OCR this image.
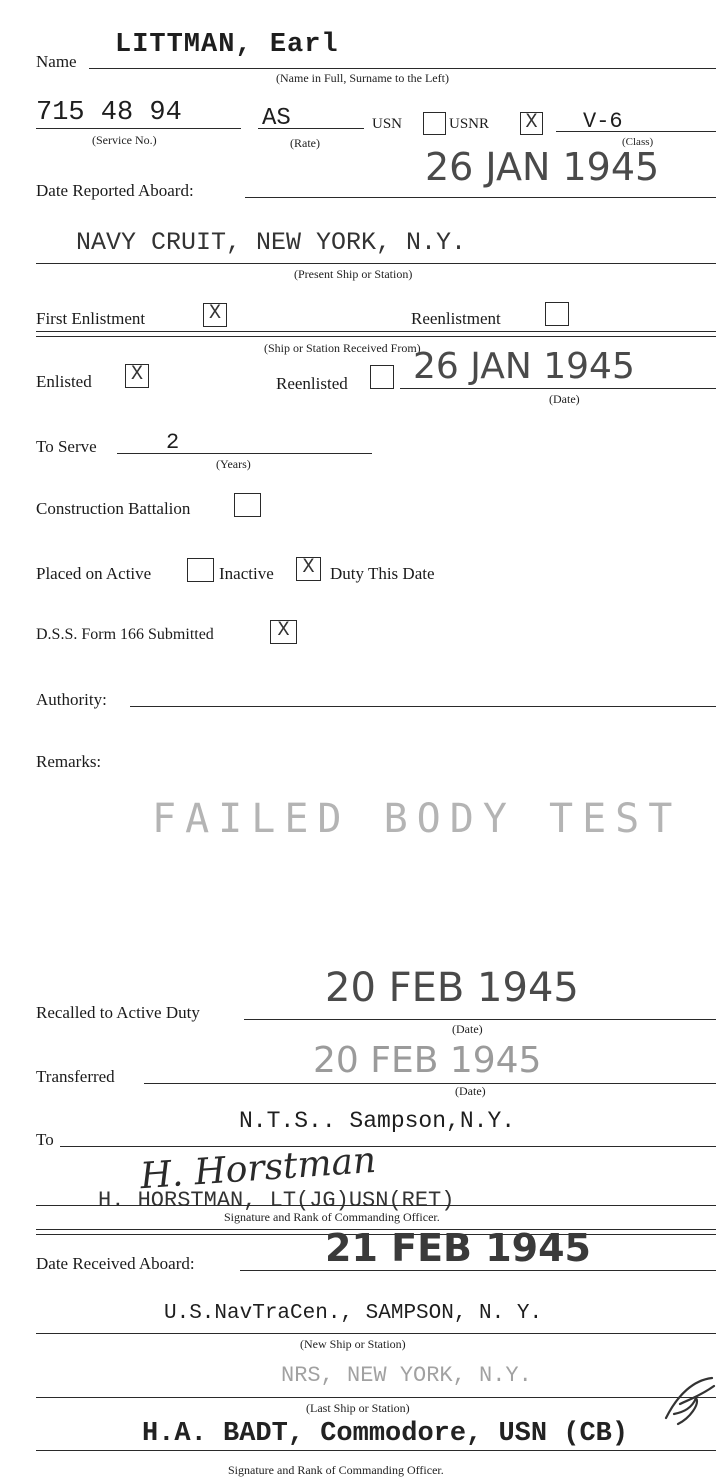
Name
LITTMAN, Earl
(Name in Full, Surname to the Left)
715 48 94
(Service No.)
AS
(Rate)
USN	USNR X V-6
(Class)
Date Reported Aboard:
26 JAN 1945
NAVY CRUIT, NEW YORK, N.Y.
(Present Ship or Station)
First Enlistment	X	Reenlistment
(Ship or Station Received From)
Enlisted X	Reenlisted 26 JAN 1945
(Date)
To Serve	2
(Years)
Construction Battalion
Placed on Active	Inactive X Duty This Date
D.S.S. Form 166 Submitted	X
Authority:
Remarks:
FAILED BODY TEST
Recalled to Active Duty
20 FEB 1945
(Date)
Transferred	20 FEB 1945
(Date)
To
N.T.S.. Sampson,N.Y.
H. Horstman
H. HORSTMAN, LT(JG)USN(RET)
Signature and Rank of Commanding Officer.
Date Received Aboard:	21 FEB 1945
U.S.NavTraCen., SAMPSON, N. Y.
(New Ship or Station)
NRS, NEW YORK, N.Y.
(Last Ship or Station)
H.A. BADT, Commodore, USN (CB)
Signature and Rank of Commanding Officer.
